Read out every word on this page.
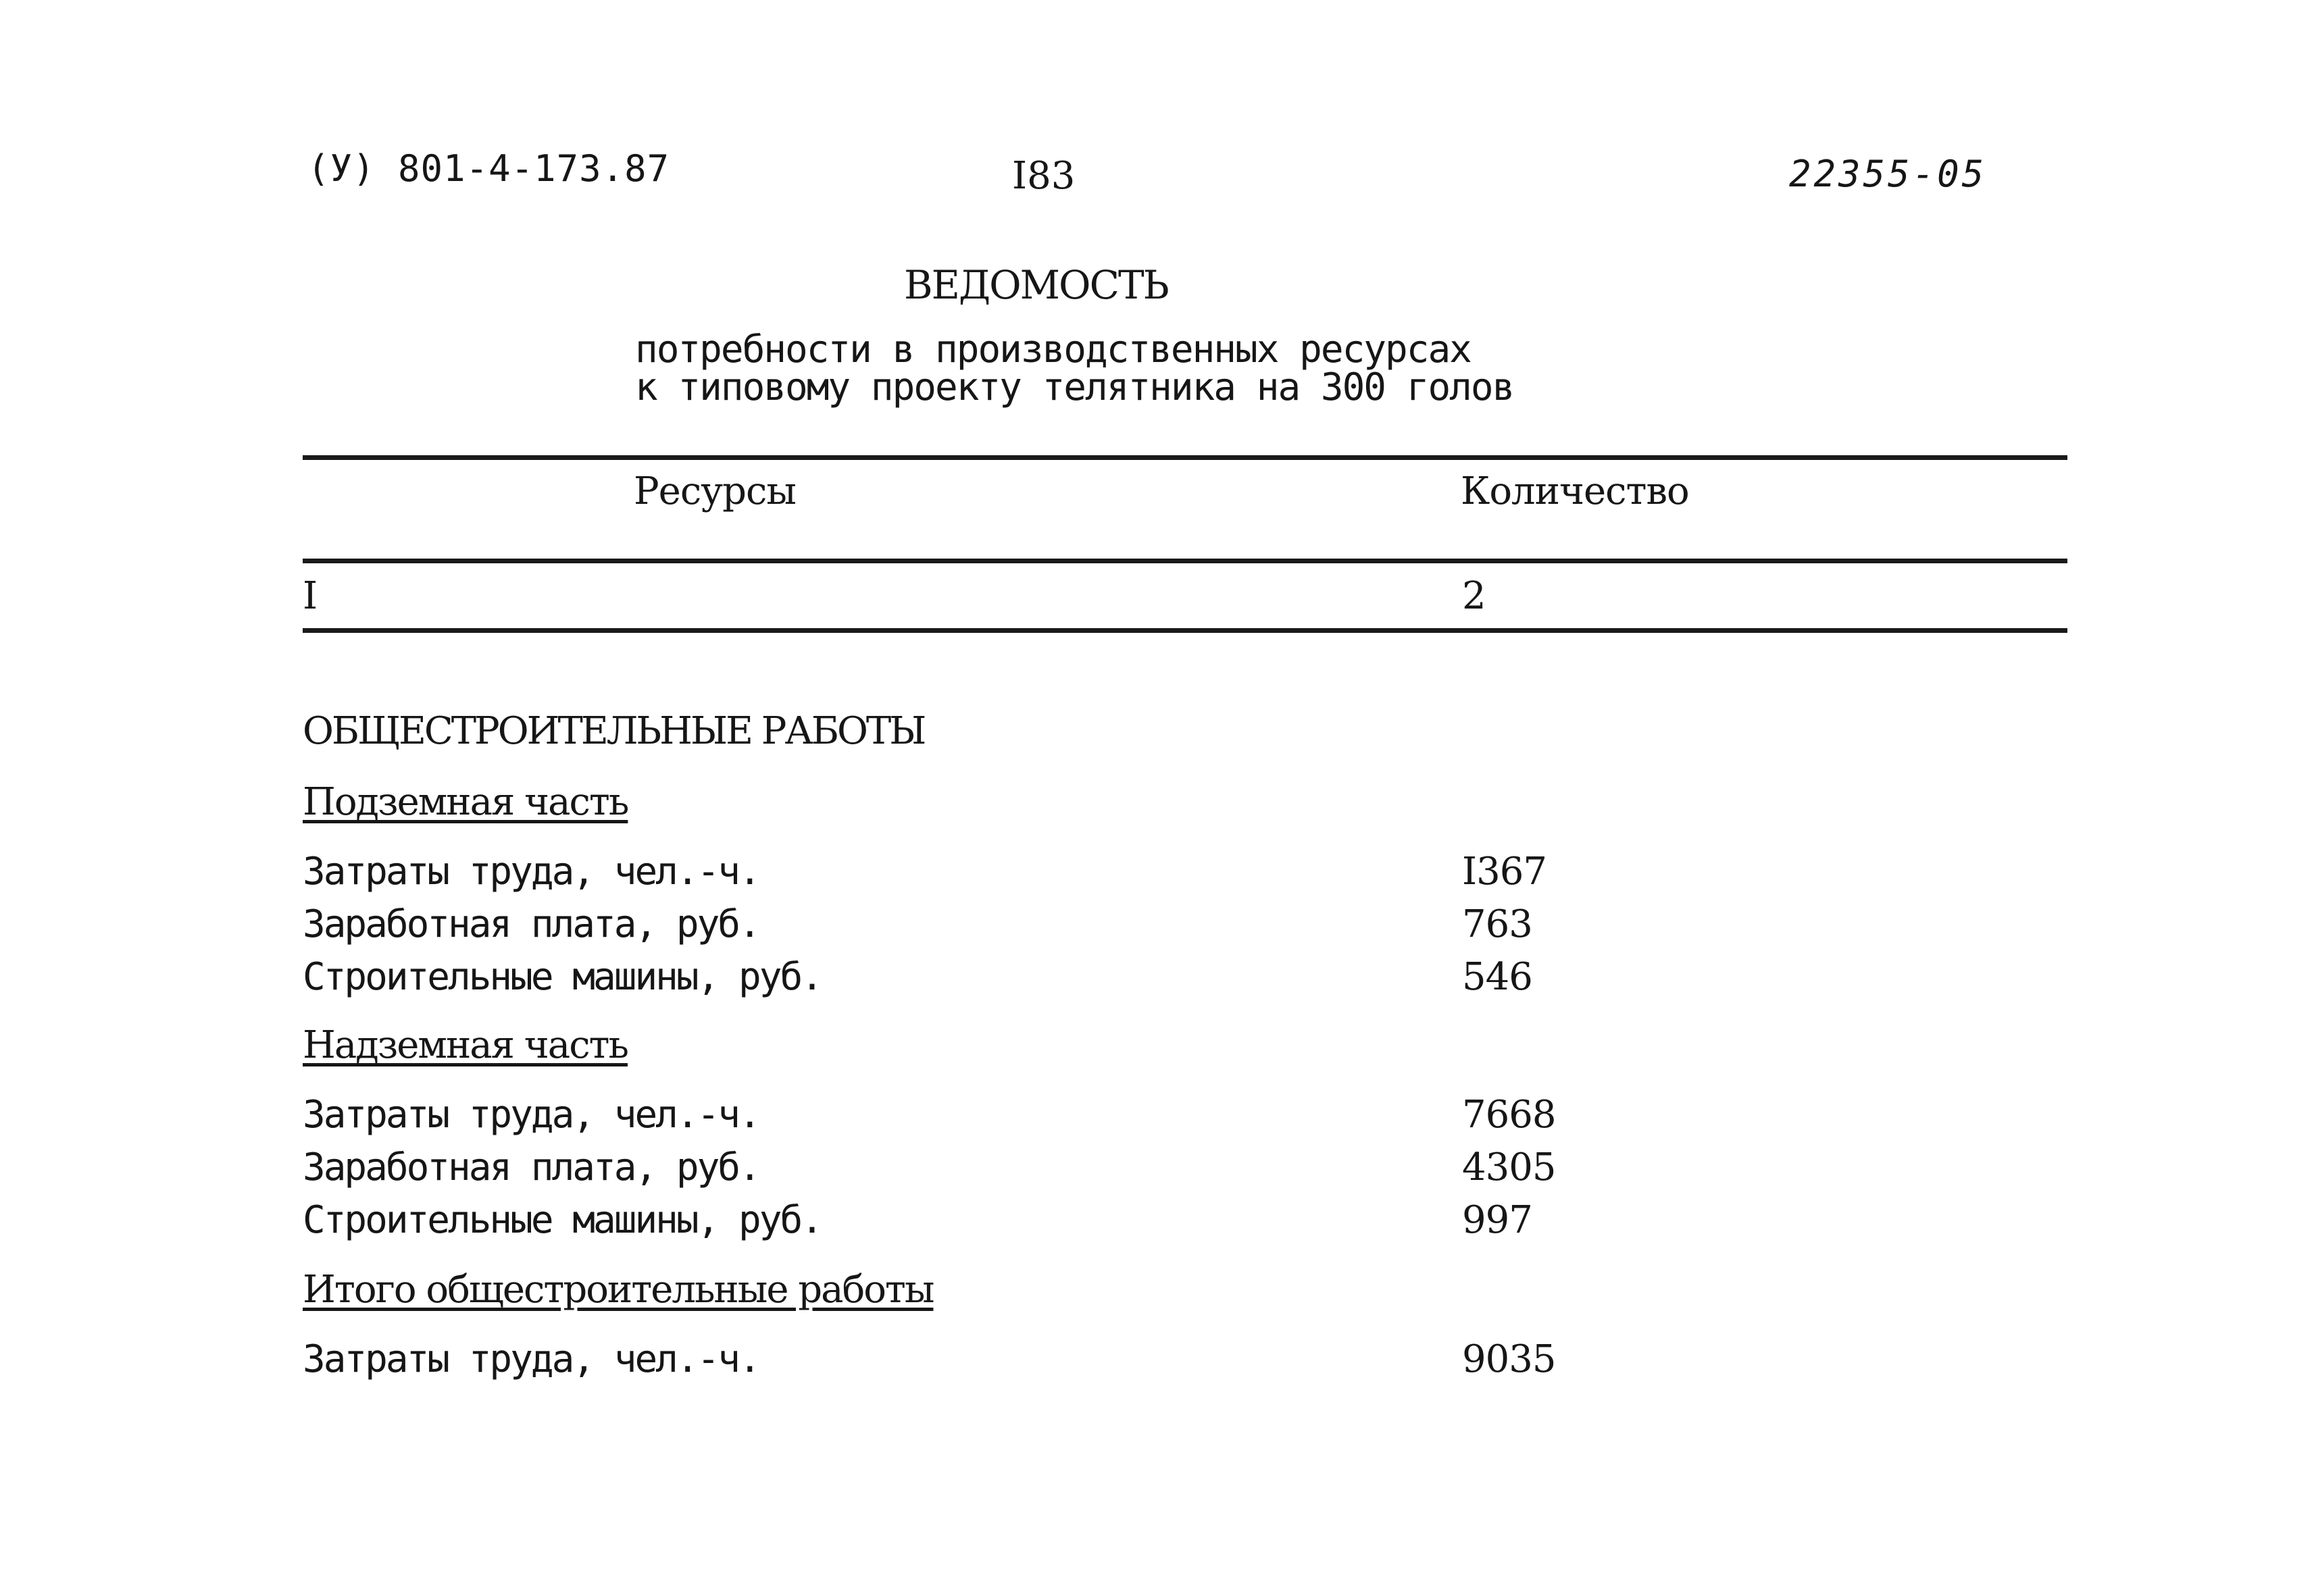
(У) 801-4-173.87	I83	22355-05
ВЕДОМОСТЬ
потребности в производственных ресурсах
к типовому проекту телятника на 300 голов
Ресурсы	Количество
I	2
ОБЩЕСТРОИТЕЛЬНЫЕ РАБОТЫ
Подземная часть
Затраты труда, чел.-ч.	I367
Заработная плата, руб.	763
Строительные машины, руб.	546
Надземная часть
Затраты труда, чел.-ч.	7668
Заработная плата, руб.	4305
Строительные машины, руб.	997
Итого общестроительные работы
Затраты труда, чел.-ч.	9035
